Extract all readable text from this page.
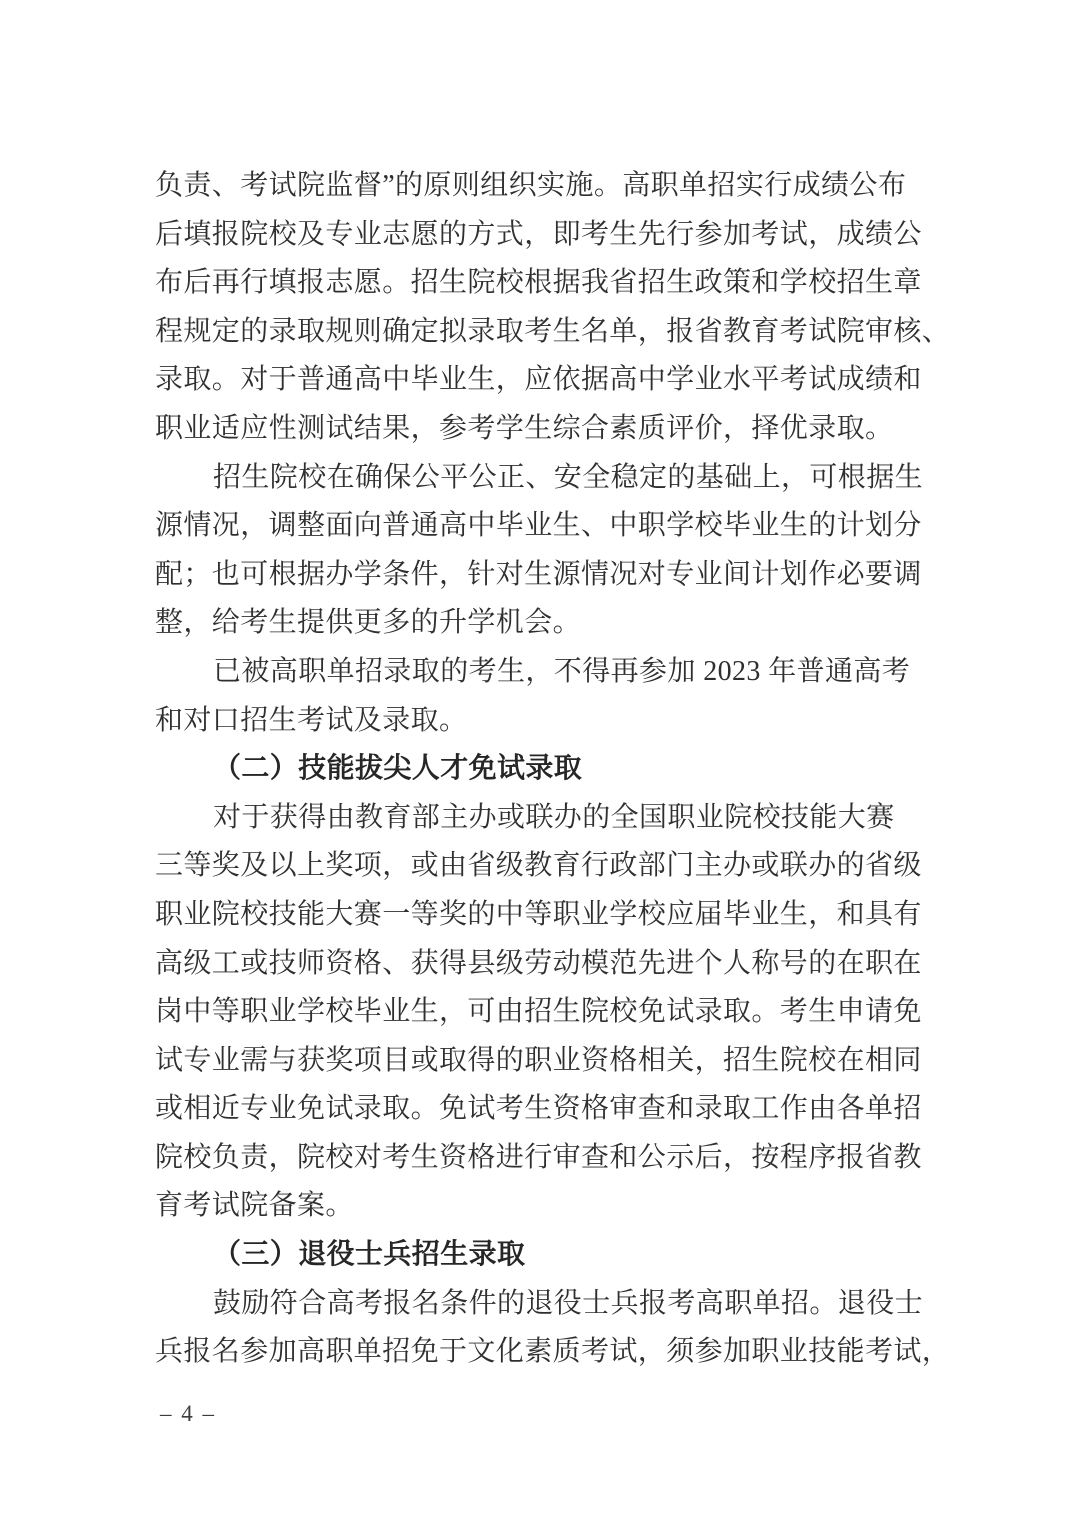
负责、考试院监督”的原则组织实施。高职单招实行成绩公布
后填报院校及专业志愿的方式，即考生先行参加考试，成绩公
布后再行填报志愿。招生院校根据我省招生政策和学校招生章
程规定的录取规则确定拟录取考生名单，报省教育考试院审核、
录取。对于普通高中毕业生，应依据高中学业水平考试成绩和
职业适应性测试结果，参考学生综合素质评价，择优录取。
招生院校在确保公平公正、安全稳定的基础上，可根据生
源情况，调整面向普通高中毕业生、中职学校毕业生的计划分
配；也可根据办学条件，针对生源情况对专业间计划作必要调
整，给考生提供更多的升学机会。
已被高职单招录取的考生，不得再参加 2023 年普通高考
和对口招生考试及录取。
（二）技能拔尖人才免试录取
对于获得由教育部主办或联办的全国职业院校技能大赛
三等奖及以上奖项，或由省级教育行政部门主办或联办的省级
职业院校技能大赛一等奖的中等职业学校应届毕业生，和具有
高级工或技师资格、获得县级劳动模范先进个人称号的在职在
岗中等职业学校毕业生，可由招生院校免试录取。考生申请免
试专业需与获奖项目或取得的职业资格相关，招生院校在相同
或相近专业免试录取。免试考生资格审查和录取工作由各单招
院校负责，院校对考生资格进行审查和公示后，按程序报省教
育考试院备案。
（三）退役士兵招生录取
鼓励符合高考报名条件的退役士兵报考高职单招。退役士
兵报名参加高职单招免于文化素质考试，须参加职业技能考试，
– 4 –
